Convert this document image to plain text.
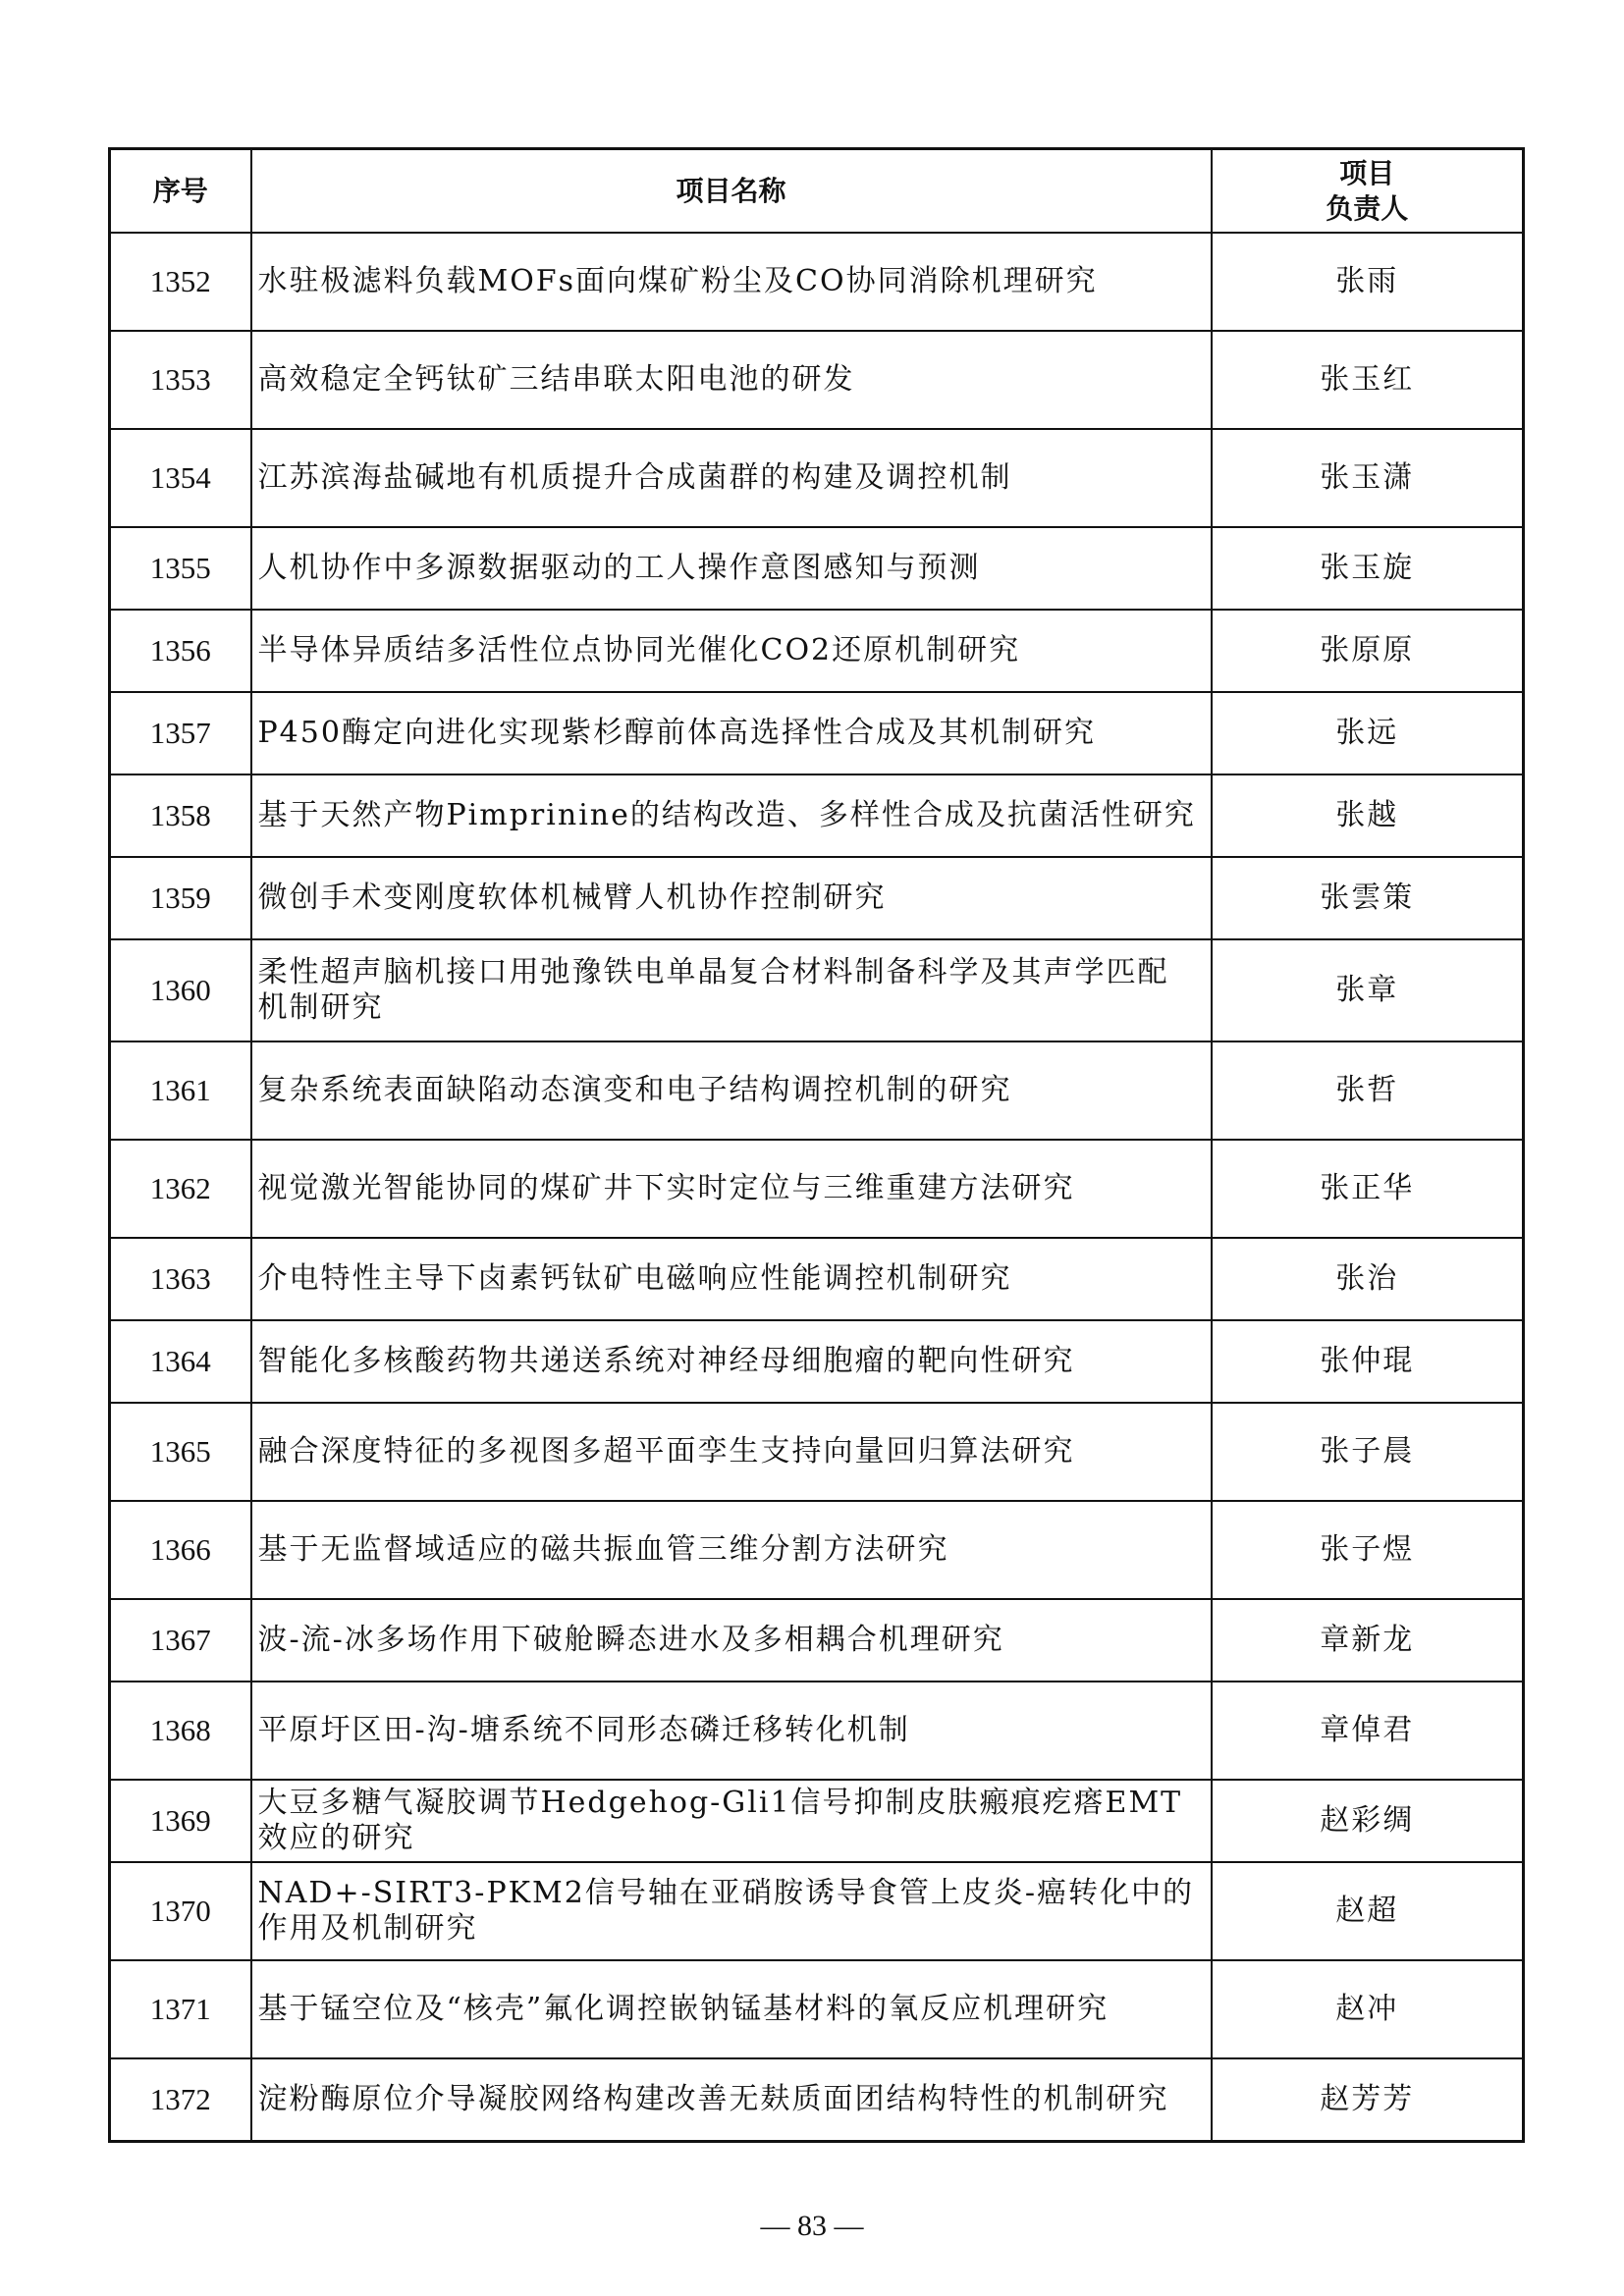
序号	项目名称	项目
负责人

1352	水驻极滤料负载MOFs面向煤矿粉尘及CO协同消除机理研究	张雨
1353	高效稳定全钙钛矿三结串联太阳电池的研发	张玉红
1354	江苏滨海盐碱地有机质提升合成菌群的构建及调控机制	张玉潇
1355	人机协作中多源数据驱动的工人操作意图感知与预测	张玉旋
1356	半导体异质结多活性位点协同光催化CO2还原机制研究	张原原
1357	P450酶定向进化实现紫杉醇前体高选择性合成及其机制研究	张远
1358	基于天然产物Pimprinine的结构改造、多样性合成及抗菌活性研究	张越
1359	微创手术变刚度软体机械臂人机协作控制研究	张雲策
1360	柔性超声脑机接口用弛豫铁电单晶复合材料制备科学及其声学匹配机制研究	张章
1361	复杂系统表面缺陷动态演变和电子结构调控机制的研究	张哲
1362	视觉激光智能协同的煤矿井下实时定位与三维重建方法研究	张正华
1363	介电特性主导下卤素钙钛矿电磁响应性能调控机制研究	张治
1364	智能化多核酸药物共递送系统对神经母细胞瘤的靶向性研究	张仲琨
1365	融合深度特征的多视图多超平面孪生支持向量回归算法研究	张子晨
1366	基于无监督域适应的磁共振血管三维分割方法研究	张子煜
1367	波-流-冰多场作用下破舱瞬态进水及多相耦合机理研究	章新龙
1368	平原圩区田-沟-塘系统不同形态磷迁移转化机制	章倬君
1369	大豆多糖气凝胶调节Hedgehog-Gli1信号抑制皮肤瘢痕疙瘩EMT效应的研究	赵彩绸
1370	NAD+-SIRT3-PKM2信号轴在亚硝胺诱导食管上皮炎-癌转化中的作用及机制研究	赵超
1371	基于锰空位及“核壳”氟化调控嵌钠锰基材料的氧反应机理研究	赵冲
1372	淀粉酶原位介导凝胶网络构建改善无麸质面团结构特性的机制研究	赵芳芳
— 83 —
